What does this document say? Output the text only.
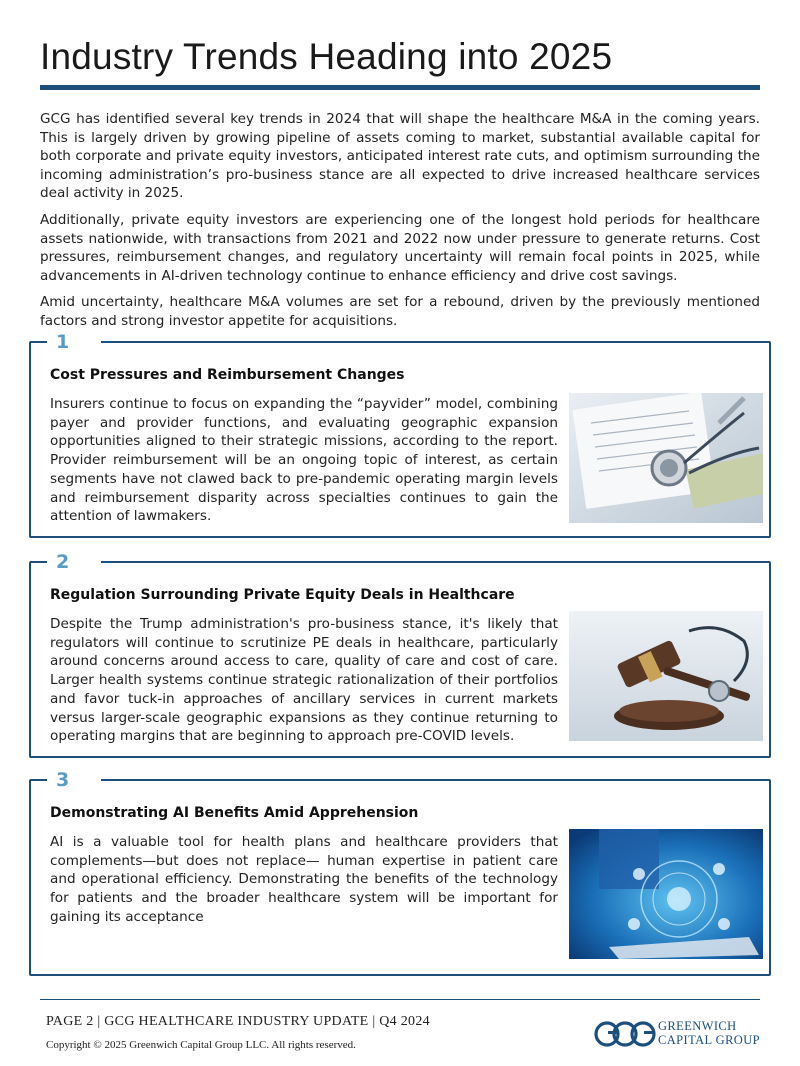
Industry Trends Heading into 2025

GCG has identified several key trends in 2024 that will shape the healthcare M&A in the coming years. This is largely driven by growing pipeline of assets coming to market, substantial available capital for both corporate and private equity investors, anticipated interest rate cuts, and optimism surrounding the incoming administration’s pro-business stance are all expected to drive increased healthcare services deal activity in 2025.

Additionally, private equity investors are experiencing one of the longest hold periods for healthcare assets nationwide, with transactions from 2021 and 2022 now under pressure to generate returns. Cost pressures, reimbursement changes, and regulatory uncertainty will remain focal points in 2025, while advancements in AI-driven technology continue to enhance efficiency and drive cost savings.

Amid uncertainty, healthcare M&A volumes are set for a rebound, driven by the previously mentioned factors and strong investor appetite for acquisitions.

1
Cost Pressures and Reimbursement Changes
Insurers continue to focus on expanding the “payvider” model, combining payer and provider functions, and evaluating geographic expansion opportunities aligned to their strategic missions, according to the report. Provider reimbursement will be an ongoing topic of interest, as certain segments have not clawed back to pre-pandemic operating margin levels and reimbursement disparity across specialties continues to gain the attention of lawmakers.
2
Regulation Surrounding Private Equity Deals in Healthcare
Despite the Trump administration's pro-business stance, it's likely that regulators will continue to scrutinize PE deals in healthcare, particularly around concerns around access to care, quality of care and cost of care. Larger health systems continue strategic rationalization of their portfolios and favor tuck-in approaches of ancillary services in current markets versus larger-scale geographic expansions as they continue returning to operating margins that are beginning to approach pre-COVID levels.
3
Demonstrating AI Benefits Amid Apprehension
AI is a valuable tool for health plans and healthcare providers that complements—but does not replace— human expertise in patient care and operational efficiency. Demonstrating the benefits of the technology for patients and the broader healthcare system will be important for gaining its acceptance
PAGE 2 | GCG HEALTHCARE INDUSTRY UPDATE | Q4 2024
Copyright © 2025 Greenwich Capital Group LLC. All rights reserved.
GREENWICH
CAPITAL GROUP
